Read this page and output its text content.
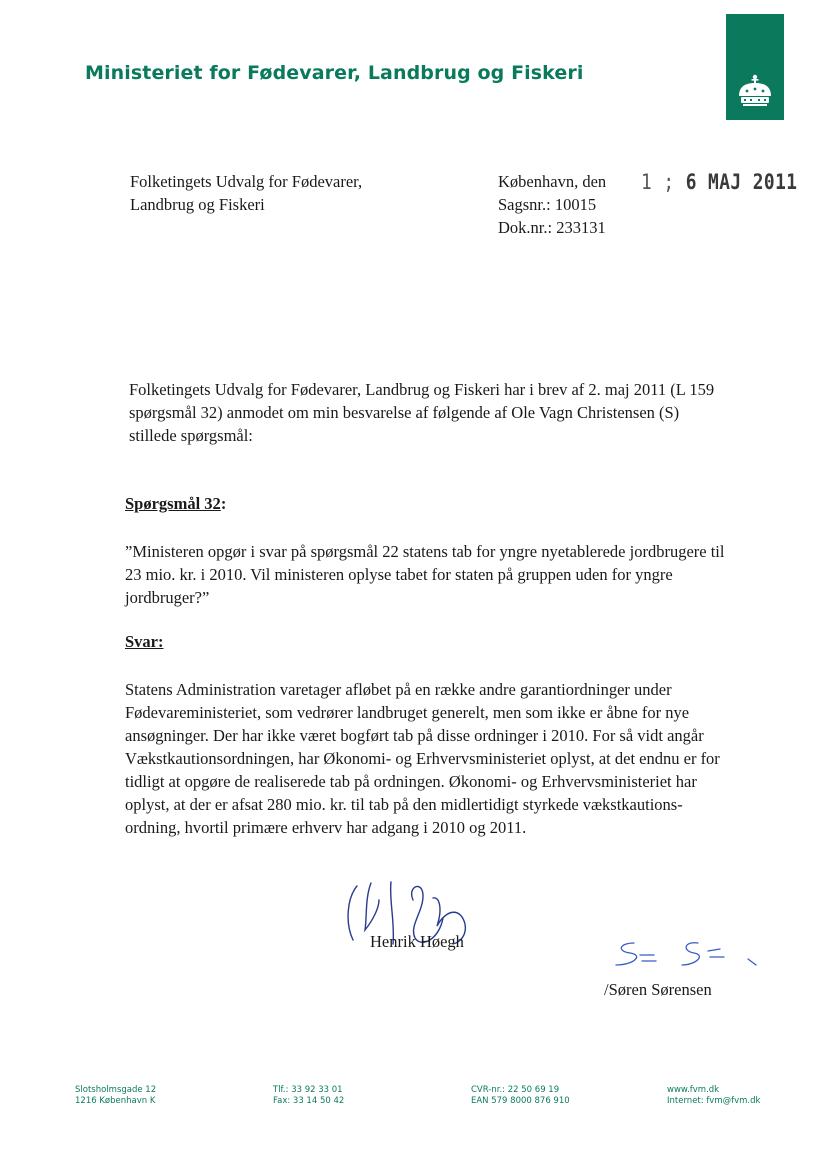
Ministeriet for Fødevarer, Landbrug og Fiskeri
Folketingets Udvalg for Fødevarer,
Landbrug og Fiskeri
København, den
Sagsnr.: 10015
Dok.nr.: 233131
1 ; 6 MAJ 2011
Folketingets Udvalg for Fødevarer, Landbrug og Fiskeri har i brev af 2. maj 2011 (L 159 spørgsmål 32) anmodet om min besvarelse af følgende af Ole Vagn Christensen (S) stillede spørgsmål:
Spørgsmål 32:
”Ministeren opgør i svar på spørgsmål 22 statens tab for yngre nyetablerede jordbrugere til 23 mio. kr. i 2010. Vil ministeren oplyse tabet for staten på gruppen uden for yngre jordbruger?”
Svar:
Statens Administration varetager afløbet på en række andre garantiordninger under Fødevareministeriet, som vedrører landbruget generelt, men som ikke er åbne for nye ansøgninger. Der har ikke været bogført tab på disse ordninger i 2010. For så vidt angår Vækstkautionsordningen, har Økonomi- og Erhvervsministeriet oplyst, at det endnu er for tidligt at opgøre de realiserede tab på ordningen. Økonomi- og Erhvervsministeriet har oplyst, at der er afsat 280 mio. kr. til tab på den midlertidigt styrkede vækstkautions-ordning, hvortil primære erhverv har adgang i 2010 og 2011.
Henrik Høegh
/Søren Sørensen
Slotsholmsgade 12
1216 København K
Tlf.: 33 92 33 01
Fax: 33 14 50 42
CVR-nr.: 22 50 69 19
EAN 579 8000 876 910
www.fvm.dk
Internet: fvm@fvm.dk
